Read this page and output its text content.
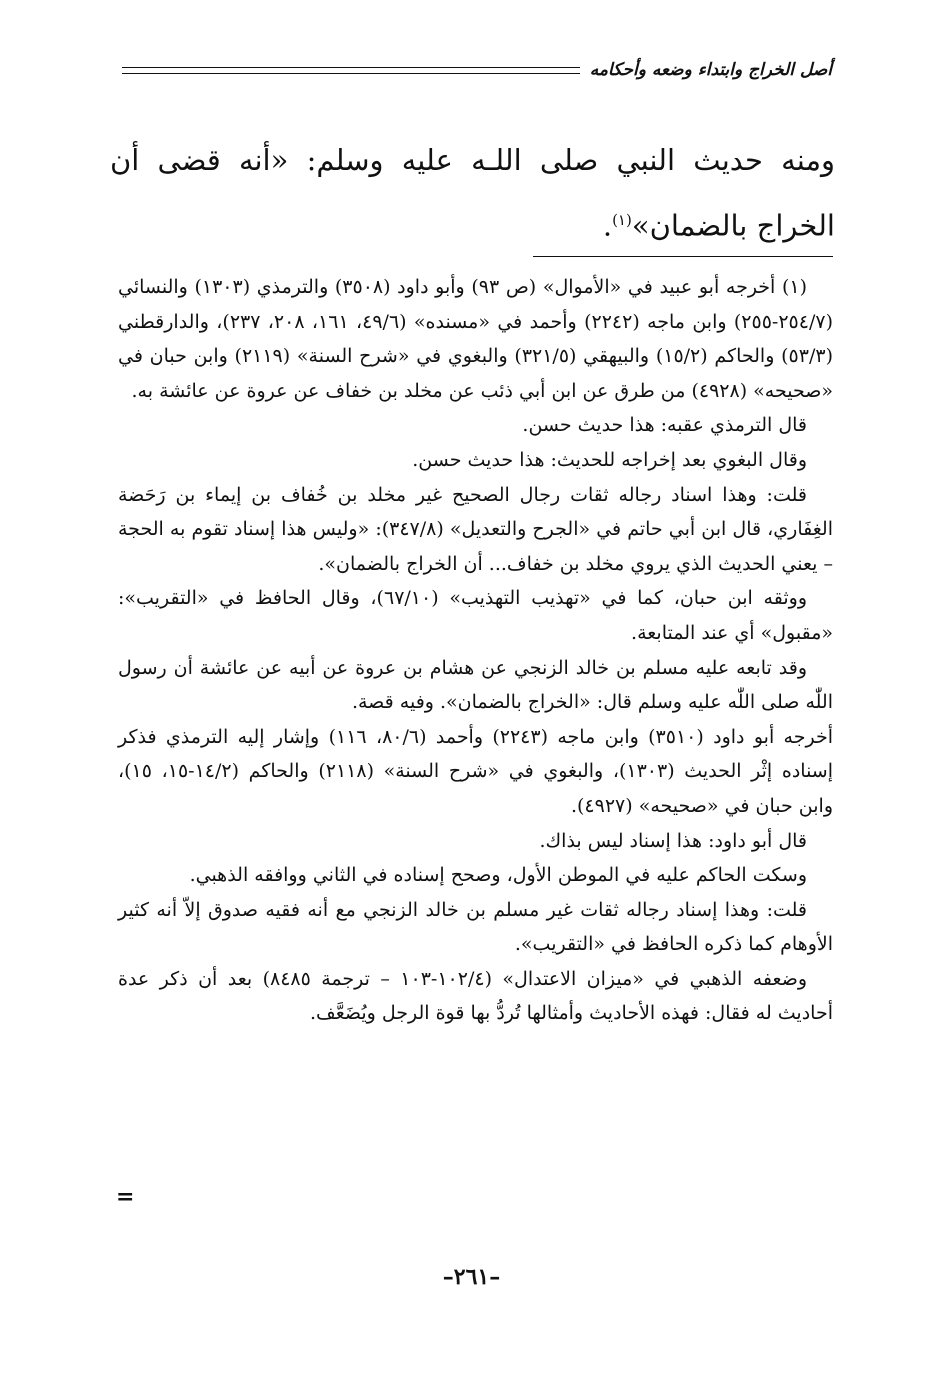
أصل الخراج وابتداء وضعه وأحكامه
ومنه حديث النبي صلى اللـه عليه وسلم: «أنه قضى أن الخراج بالضمان»$^{(١)}$.

(١) أخرجه أبو عبيد في «الأموال» (ص ٩٣) وأبو داود (٣٥٠٨) والترمذي (١٣٠٣) والنسائي (٢٥٤/٧-٢٥٥) وابن ماجه (٢٢٤٢) وأحمد في «مسنده» (٤٩/٦، ١٦١، ٢٠٨، ٢٣٧)، والدارقطني (٥٣/٣) والحاكم (١٥/٢) والبيهقي (٣٢١/٥) والبغوي في «شرح السنة» (٢١١٩) وابن حبان في «صحيحه» (٤٩٢٨) من طرق عن ابن أبي ذئب عن مخلد بن خفاف عن عروة عن عائشة به.

قال الترمذي عقبه: هذا حديث حسن.

وقال البغوي بعد إخراجه للحديث: هذا حديث حسن.

قلت: وهذا اسناد رجاله ثقات رجال الصحيح غير مخلد بن خُفاف بن إيماء بن رَحَضة الغِفَاري، قال ابن أبي حاتم في «الجرح والتعديل» (٣٤٧/٨): «وليس هذا إسناد تقوم به الحجة – يعني الحديث الذي يروي مخلد بن خفاف... أن الخراج بالضمان».

ووثقه ابن حبان، كما في «تهذيب التهذيب» (٦٧/١٠)، وقال الحافظ في «التقريب»: «مقبول» أي عند المتابعة.

وقد تابعه عليه مسلم بن خالد الزنجي عن هشام بن عروة عن أبيه عن عائشة أن رسول اللّٰه صلى اللّٰه عليه وسلم قال: «الخراج بالضمان». وفيه قصة.

أخرجه أبو داود (٣٥١٠) وابن ماجه (٢٢٤٣) وأحمد (٨٠/٦، ١١٦) وإشار إليه الترمذي فذكر إسناده إثْر الحديث (١٣٠٣)، والبغوي في «شرح السنة» (٢١١٨) والحاكم (١٤/٢-١٥، ١٥)، وابن حبان في «صحيحه» (٤٩٢٧).

قال أبو داود: هذا إسناد ليس بذاك.

وسكت الحاكم عليه في الموطن الأول، وصحح إسناده في الثاني ووافقه الذهبي.

قلت: وهذا إسناد رجاله ثقات غير مسلم بن خالد الزنجي مع أنه فقيه صدوق إلاّ أنه كثير الأوهام كما ذكره الحافظ في «التقريب».

وضعفه الذهبي في «ميزان الاعتدال» (١٠٢/٤-١٠٣ – ترجمة ٨٤٨٥) بعد أن ذكر عدة أحاديث له فقال: فهذه الأحاديث وأمثالها تُردُّ بها قوة الرجل ويُضَعَّف.

=
–٢٦١–
